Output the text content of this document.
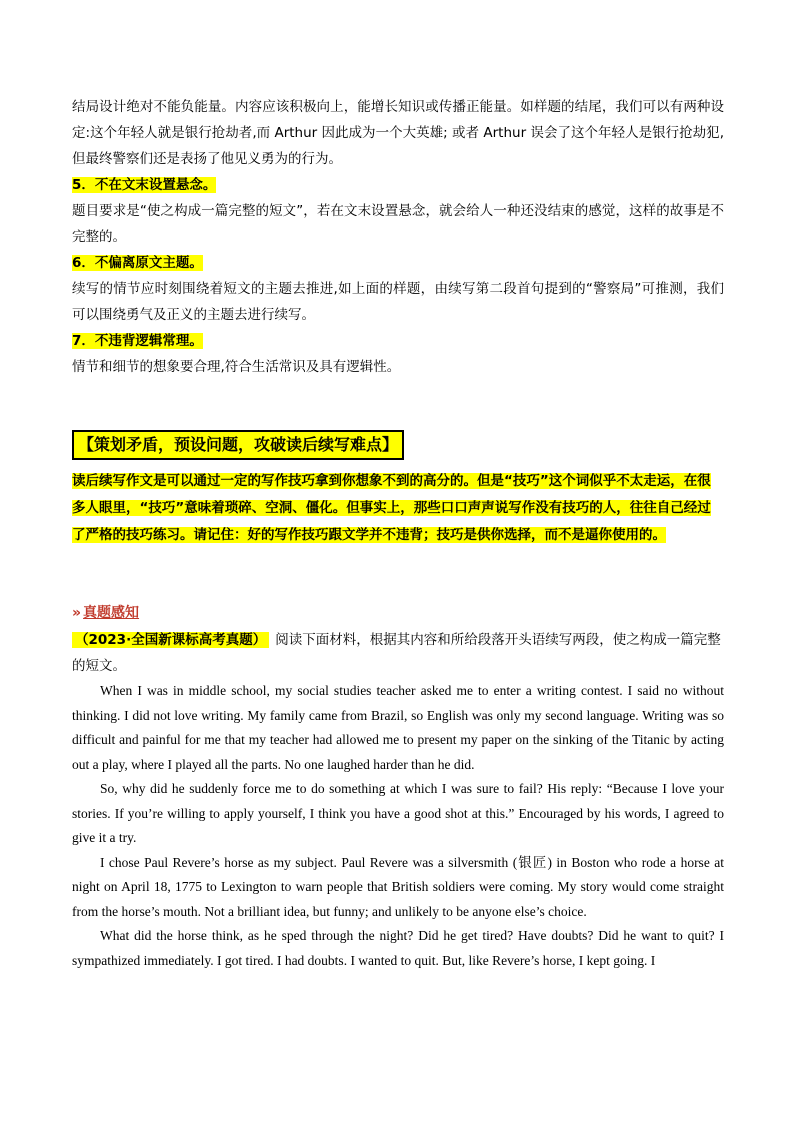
结局设计绝对不能负能量。内容应该积极向上，能增长知识或传播正能量。如样题的结尾，我们可以有两种设定:这个年轻人就是银行抢劫者,而 Arthur 因此成为一个大英雄; 或者 Arthur 误会了这个年轻人是银行抢劫犯,但最终警察们还是表扬了他见义勇为的行为。

5．不在文末设置悬念。

题目要求是“使之构成一篇完整的短文”，若在文末设置悬念，就会给人一种还没结束的感觉，这样的故事是不完整的。

6．不偏离原文主题。

续写的情节应时刻围绕着短文的主题去推进,如上面的样题，由续写第二段首句提到的“警察局”可推测，我们可以围绕勇气及正义的主题去进行续写。

7．不违背逻辑常理。

情节和细节的想象要合理,符合生活常识及具有逻辑性。

【策划矛盾，预设问题，攻破读后续写难点】

读后续写作文是可以通过一定的写作技巧拿到你想象不到的高分的。但是“技巧”这个词似乎不太走运，在很多人眼里，“技巧”意味着琐碎、空洞、僵化。但事实上，那些口口声声说写作没有技巧的人，往往自己经过了严格的技巧练习。请记住：好的写作技巧跟文学并不违背；技巧是供你选择，而不是逼你使用的。

» 真题感知

（2023·全国新课标高考真题） 阅读下面材料，根据其内容和所给段落开头语续写两段，使之构成一篇完整的短文。

When I was in middle school, my social studies teacher asked me to enter a writing contest. I said no without thinking. I did not love writing. My family came from Brazil, so English was only my second language. Writing was so difficult and painful for me that my teacher had allowed me to present my paper on the sinking of the Titanic by acting out a play, where I played all the parts. No one laughed harder than he did.

So, why did he suddenly force me to do something at which I was sure to fail? His reply: “Because I love your stories. If you’re willing to apply yourself, I think you have a good shot at this.” Encouraged by his words, I agreed to give it a try.

I chose Paul Revere’s horse as my subject. Paul Revere was a silversmith (银匠) in Boston who rode a horse at night on April 18, 1775 to Lexington to warn people that British soldiers were coming. My story would come straight from the horse’s mouth. Not a brilliant idea, but funny; and unlikely to be anyone else’s choice.

What did the horse think, as he sped through the night? Did he get tired? Have doubts? Did he want to quit? I sympathized immediately. I got tired. I had doubts. I wanted to quit. But, like Revere’s horse, I kept going. I
